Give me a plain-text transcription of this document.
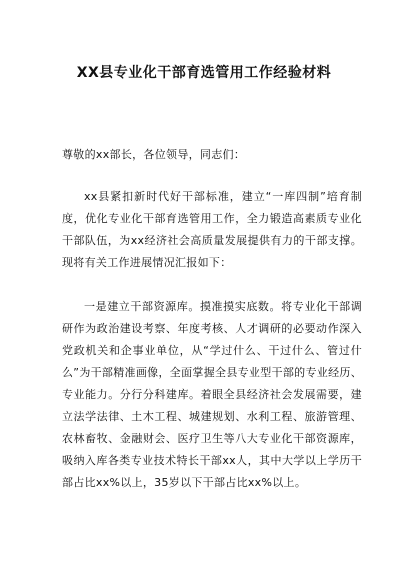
XX县专业化干部育选管用工作经验材料
尊敬的xx部长，各位领导，同志们：
xx县紧扣新时代好干部标准，建立“一库四制”培育制度，优化专业化干部育选管用工作，全力锻造高素质专业化干部队伍，为xx经济社会高质量发展提供有力的干部支撑。现将有关工作进展情况汇报如下：
一是建立干部资源库。摸准摸实底数。将专业化干部调研作为政治建设考察、年度考核、人才调研的必要动作深入党政机关和企事业单位，从“学过什么、干过什么、管过什么”为干部精准画像，全面掌握全县专业型干部的专业经历、专业能力。分行分科建库。着眼全县经济社会发展需要，建立法学法律、土木工程、城建规划、水利工程、旅游管理、农林畜牧、金融财会、医疗卫生等八大专业化干部资源库，吸纳入库各类专业技术特长干部xx人，其中大学以上学历干部占比xx%以上，35岁以下干部占比xx%以上。
